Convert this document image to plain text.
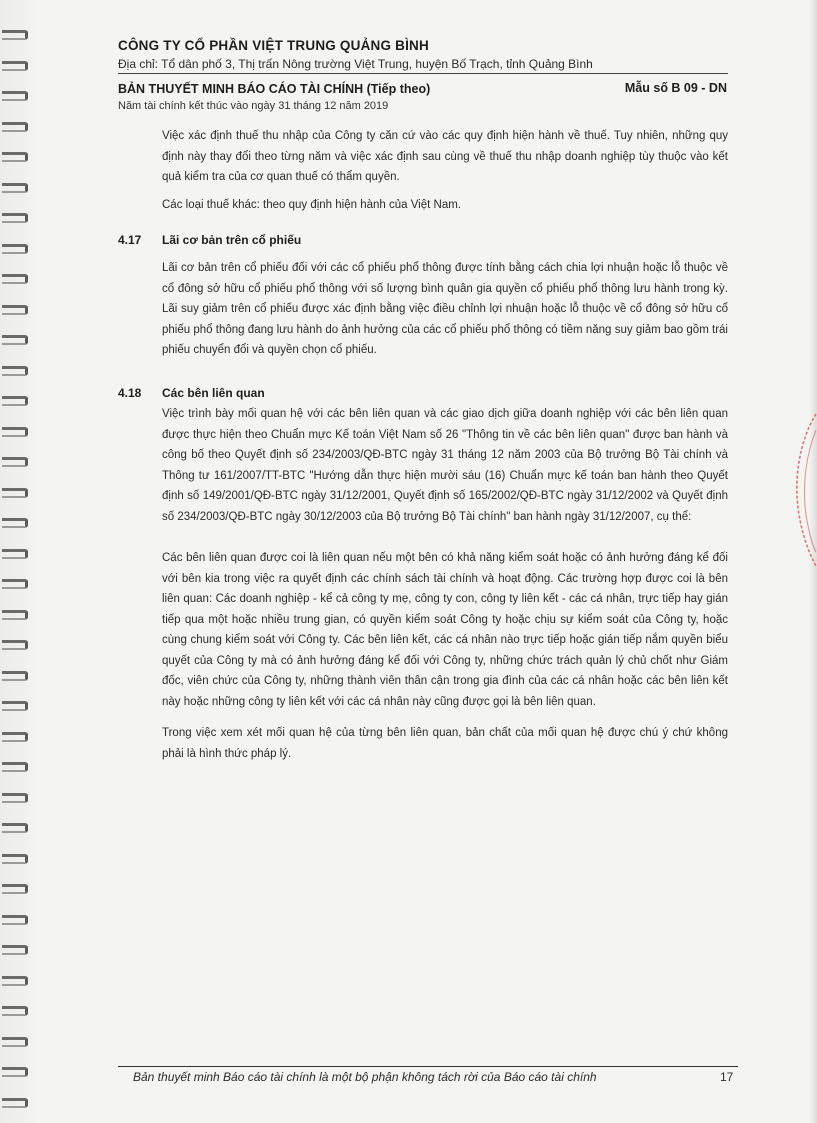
CÔNG TY CỔ PHẦN VIỆT TRUNG QUẢNG BÌNH
Địa chỉ: Tổ dân phố 3, Thị trấn Nông trường Việt Trung, huyện Bố Trạch, tỉnh Quảng Bình
BẢN THUYẾT MINH BÁO CÁO TÀI CHÍNH (Tiếp theo)	Mẫu số B 09 - DN
Năm tài chính kết thúc vào ngày 31 tháng 12 năm 2019

Việc xác định thuế thu nhập của Công ty căn cứ vào các quy định hiện hành về thuế. Tuy nhiên, những quy định này thay đổi theo từng năm và việc xác định sau cùng về thuế thu nhập doanh nghiệp tùy thuộc vào kết quả kiểm tra của cơ quan thuế có thẩm quyền.

Các loại thuế khác: theo quy định hiện hành của Việt Nam.

4.17 Lãi cơ bản trên cổ phiếu

Lãi cơ bản trên cổ phiếu đối với các cổ phiếu phổ thông được tính bằng cách chia lợi nhuận hoặc lỗ thuộc về cổ đông sở hữu cổ phiếu phổ thông với số lượng bình quân gia quyền cổ phiếu phổ thông lưu hành trong kỳ. Lãi suy giảm trên cổ phiếu được xác định bằng việc điều chỉnh lợi nhuận hoặc lỗ thuộc về cổ đông sở hữu cổ phiếu phổ thông đang lưu hành do ảnh hưởng của các cổ phiếu phổ thông có tiềm năng suy giảm bao gồm trái phiếu chuyển đổi và quyền chọn cổ phiếu.

4.18 Các bên liên quan

Việc trình bày mối quan hệ với các bên liên quan và các giao dịch giữa doanh nghiệp với các bên liên quan được thực hiện theo Chuẩn mực Kế toán Việt Nam số 26 "Thông tin về các bên liên quan" được ban hành và công bố theo Quyết định số 234/2003/QĐ-BTC ngày 31 tháng 12 năm 2003 của Bộ trưởng Bộ Tài chính và Thông tư 161/2007/TT-BTC "Hướng dẫn thực hiện mười sáu (16) Chuẩn mực kế toán ban hành theo Quyết định số 149/2001/QĐ-BTC ngày 31/12/2001, Quyết định số 165/2002/QĐ-BTC ngày 31/12/2002 và Quyết định số 234/2003/QĐ-BTC ngày 30/12/2003 của Bộ trưởng Bộ Tài chính" ban hành ngày 31/12/2007, cụ thể:

Các bên liên quan được coi là liên quan nếu một bên có khả năng kiểm soát hoặc có ảnh hưởng đáng kể đối với bên kia trong việc ra quyết định các chính sách tài chính và hoạt động. Các trường hợp được coi là bên liên quan: Các doanh nghiệp - kể cả công ty mẹ, công ty con, công ty liên kết - các cá nhân, trực tiếp hay gián tiếp qua một hoặc nhiều trung gian, có quyền kiểm soát Công ty hoặc chịu sự kiểm soát của Công ty, hoặc cùng chung kiểm soát với Công ty. Các bên liên kết, các cá nhân nào trực tiếp hoặc gián tiếp nắm quyền biểu quyết của Công ty mà có ảnh hưởng đáng kể đối với Công ty, những chức trách quản lý chủ chốt như Giám đốc, viên chức của Công ty, những thành viên thân cận trong gia đình của các cá nhân hoặc các bên liên kết này hoặc những công ty liên kết với các cá nhân này cũng được gọi là bên liên quan.

Trong việc xem xét mối quan hệ của từng bên liên quan, bản chất của mối quan hệ được chú ý chứ không phải là hình thức pháp lý.

Bản thuyết minh Báo cáo tài chính là một bộ phận không tách rời của Báo cáo tài chính	17
